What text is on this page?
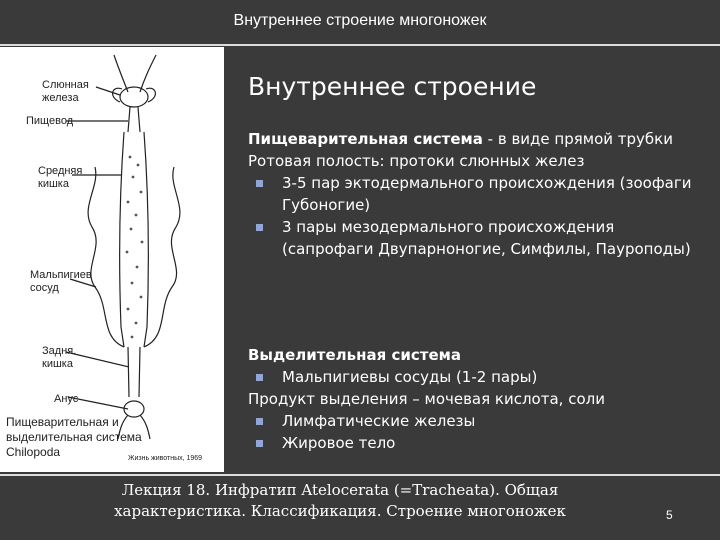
Внутреннее строение многоножек
Слюнная
железа
Пищевод
Средняя
кишка
Мальпигиев
сосуд
Задня.
кишка
Анус
Пищеварительная и
выделительная система
Chilopoda	Жизнь животных, 1969
Внутреннее строение

Пищеварительная система - в виде прямой трубки

Ротовая полость: протоки слюнных желез

3-5 пар эктодермального происхождения (зоофаги Губоногие)

3 пары мезодермального происхождения (сапрофаги Двупарноногие, Симфилы, Пауроподы)

Выделительная система

Мальпигиевы сосуды (1-2 пары)

Продукт выделения – мочевая кислота, соли

Лимфатические железы

Жировое тело

Лекция 18. Инфратип Atelocerata (=Tracheata). Общая характеристика. Классификация. Строение многоножек	5
